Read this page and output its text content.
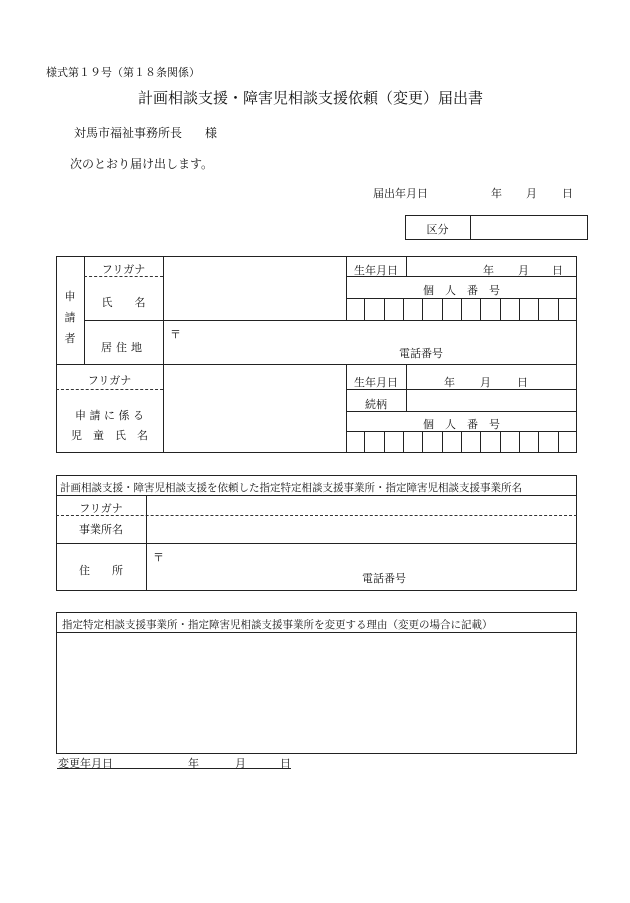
様式第１９号（第１８条関係）
計画相談支援・障害児相談支援依頼（変更）届出書
対馬市福祉事務所長 様
次のとおり届け出します。
届出年月日	年 月 日
区分
申
請
者
フリガナ
氏　　名
居住地
〒
電話番号
生年月日	年 月 日
個　人　番　号
フリガナ
申 請 に 係 る
児　童　氏　名
生年月日	年 月 日
続柄
個　人　番　号
計画相談支援・障害児相談支援を依頼した指定特定相談支援事業所・指定障害児相談支援事業所名
フリガナ
事業所名
住　　所
〒
電話番号
指定特定相談支援事業所・指定障害児相談支援事業所を変更する理由（変更の場合に記載）
変更年月日	年	月	日
